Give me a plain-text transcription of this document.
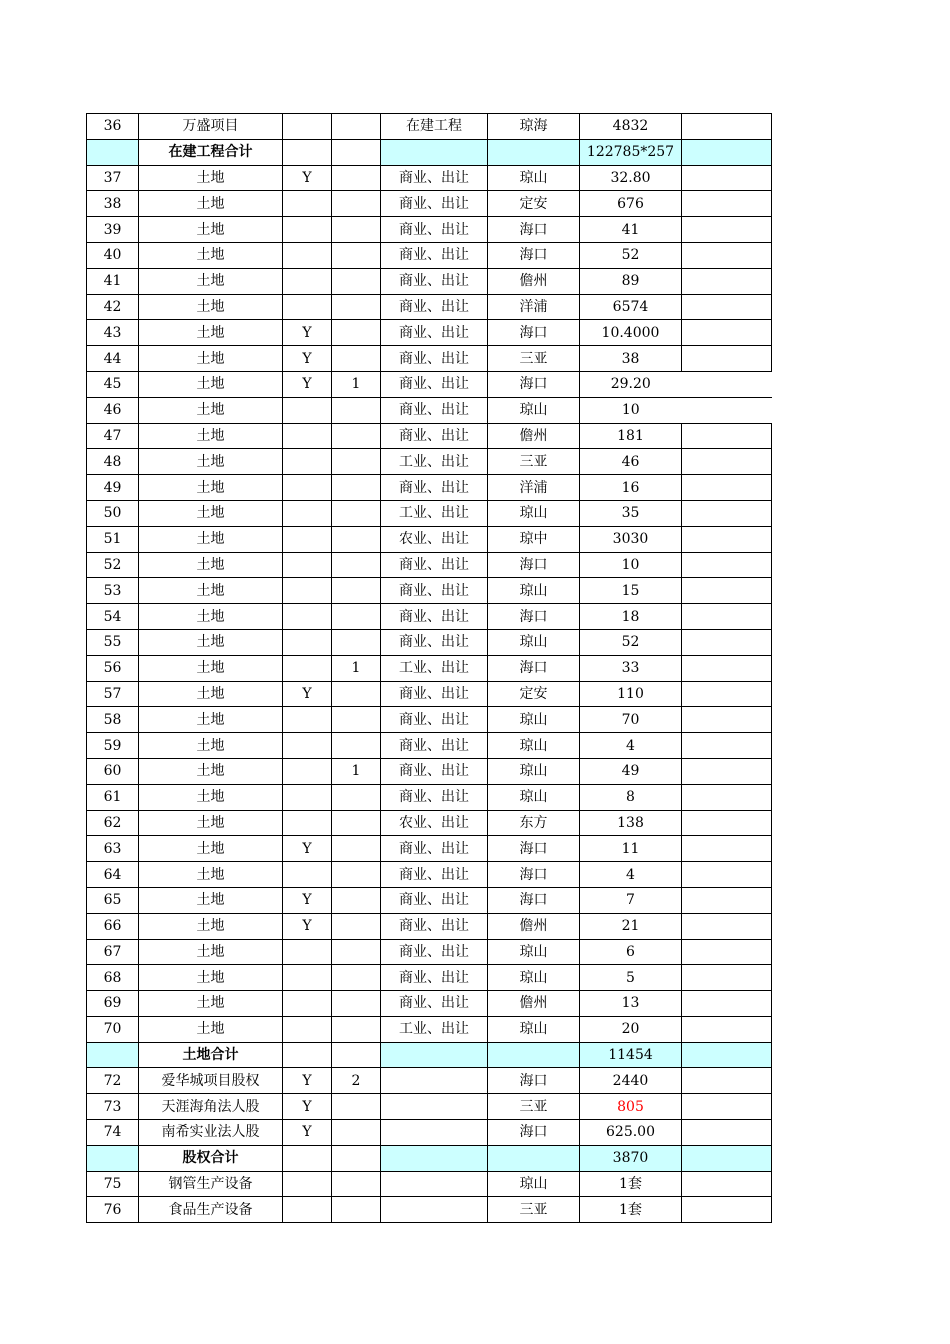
36	万盛项目			在建工程	琼海	4832	
	在建工程合计					122785*257	
37	土地	Y		商业、出让	琼山	32.80	
38	土地			商业、出让	定安	676	
39	土地			商业、出让	海口	41	
40	土地			商业、出让	海口	52	
41	土地			商业、出让	儋州	89	
42	土地			商业、出让	洋浦	6574	
43	土地	Y		商业、出让	海口	10.4000	
44	土地	Y		商业、出让	三亚	38	
45	土地	Y	1	商业、出让	海口	29.20	
46	土地			商业、出让	琼山	10	
47	土地			商业、出让	儋州	181	
48	土地			工业、出让	三亚	46	
49	土地			商业、出让	洋浦	16	
50	土地			工业、出让	琼山	35	
51	土地			农业、出让	琼中	3030	
52	土地			商业、出让	海口	10	
53	土地			商业、出让	琼山	15	
54	土地			商业、出让	海口	18	
55	土地			商业、出让	琼山	52	
56	土地		1	工业、出让	海口	33	
57	土地	Y		商业、出让	定安	110	
58	土地			商业、出让	琼山	70	
59	土地			商业、出让	琼山	4	
60	土地		1	商业、出让	琼山	49	
61	土地			商业、出让	琼山	8	
62	土地			农业、出让	东方	138	
63	土地	Y		商业、出让	海口	11	
64	土地			商业、出让	海口	4	
65	土地	Y		商业、出让	海口	7	
66	土地	Y		商业、出让	儋州	21	
67	土地			商业、出让	琼山	6	
68	土地			商业、出让	琼山	5	
69	土地			商业、出让	儋州	13	
70	土地			工业、出让	琼山	20	
	土地合计					11454	
72	爱华城项目股权	Y	2		海口	2440	
73	天涯海角法人股	Y			三亚	805	
74	南希实业法人股	Y			海口	625.00	
	股权合计					3870	
75	钢管生产设备				琼山	1套	
76	食品生产设备				三亚	1套	
